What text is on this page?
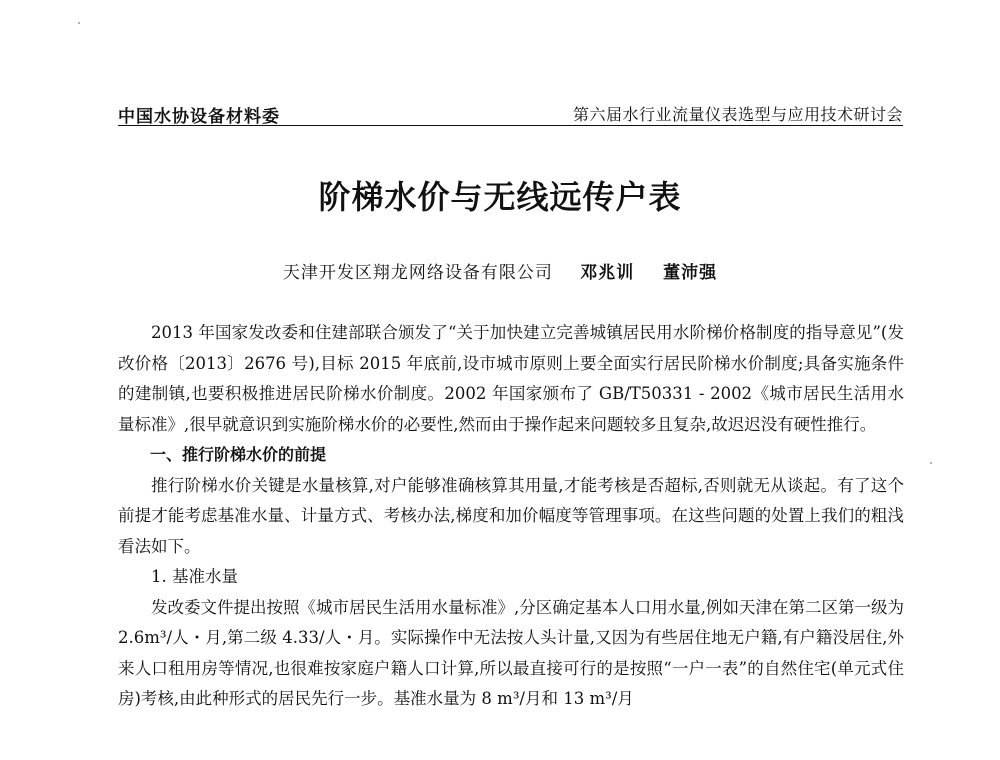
中国水协设备材料委	第六届水行业流量仪表选型与应用技术研讨会
阶梯水价与无线远传户表
天津开发区翔龙网络设备有限公司 邓兆训 董沛强

2013 年国家发改委和住建部联合颁发了“关于加快建立完善城镇居民用水阶梯价格制度的指导意见”(发改价格〔2013〕2676 号),目标 2015 年底前,设市城市原则上要全面实行居民阶梯水价制度;具备实施条件的建制镇,也要积极推进居民阶梯水价制度。2002 年国家颁布了 GB/T50331 - 2002《城市居民生活用水量标准》,很早就意识到实施阶梯水价的必要性,然而由于操作起来问题较多且复杂,故迟迟没有硬性推行。

一、推行阶梯水价的前提

推行阶梯水价关键是水量核算,对户能够准确核算其用量,才能考核是否超标,否则就无从谈起。有了这个前提才能考虑基准水量、计量方式、考核办法,梯度和加价幅度等管理事项。在这些问题的处置上我们的粗浅看法如下。

1. 基准水量

发改委文件提出按照《城市居民生活用水量标准》,分区确定基本人口用水量,例如天津在第二区第一级为 2.6m³/人・月,第二级 4.33/人・月。实际操作中无法按人头计量,又因为有些居住地无户籍,有户籍没居住,外来人口租用房等情况,也很难按家庭户籍人口计算,所以最直接可行的是按照“一户一表”的自然住宅(单元式住房)考核,由此种形式的居民先行一步。基准水量为 8 m³/月和 13 m³/月
